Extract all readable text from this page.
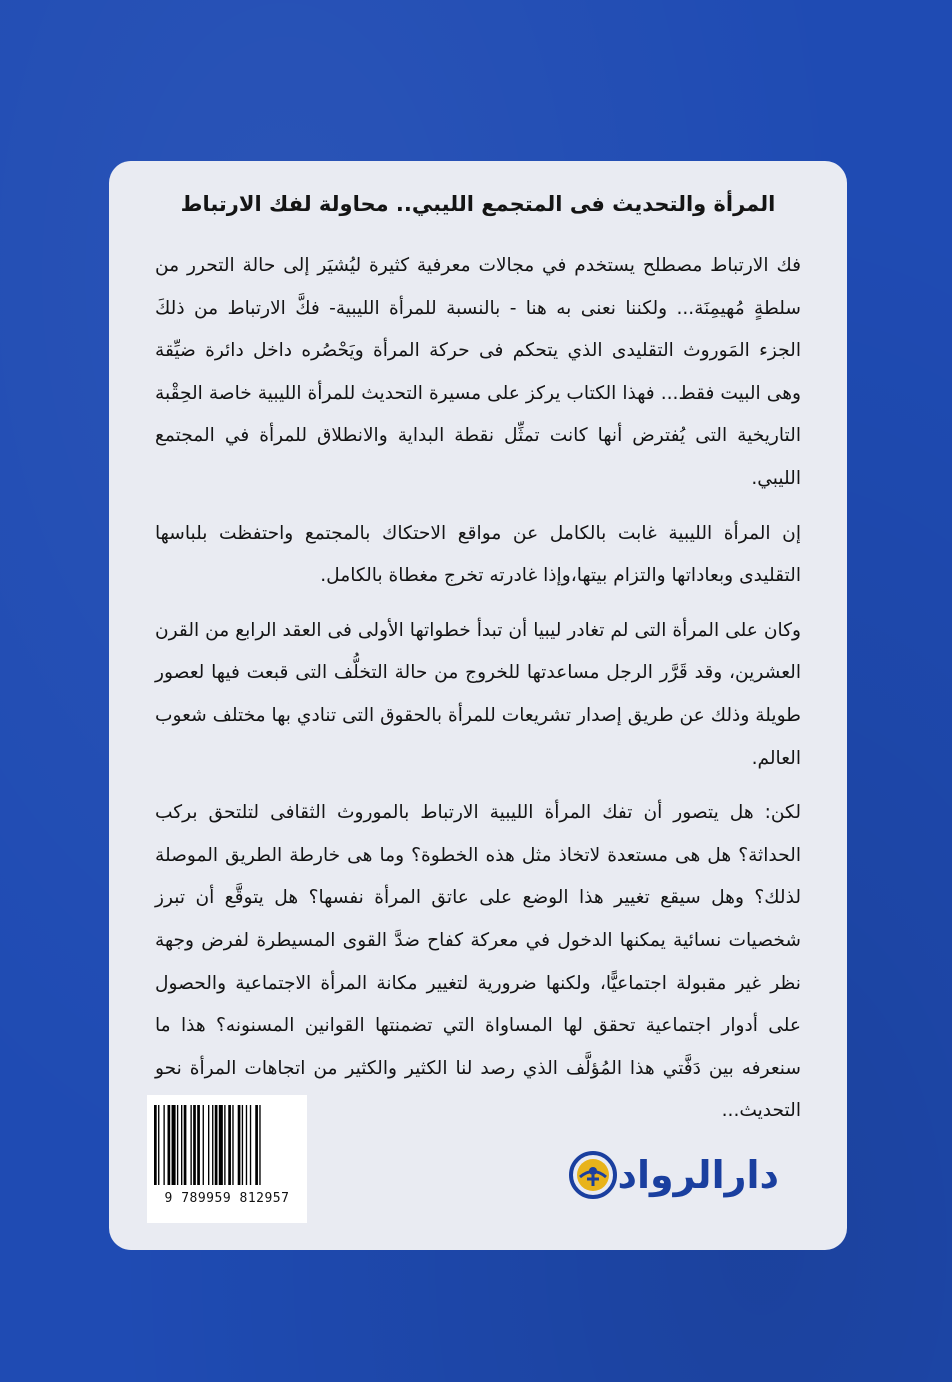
المرأة والتحديث فى المتجمع الليبي.. محاولة لفك الارتباط

فك الارتباط مصطلح يستخدم في مجالات معرفية كثيرة ليُشيَر إلى حالة التحرر من سلطةٍ مُهيمِنَة... ولكننا نعنى به هنا - بالنسبة للمرأة الليبية- فكَّ الارتباط من ذلكَ الجزء المَوروث التقليدى الذي يتحكم فى حركة المرأة ويَحْصُره داخل دائرة ضيِّقة وهى البيت فقط... فهذا الكتاب يركز على مسيرة التحديث للمرأة الليبية خاصة الحِقْبة التاريخية التى يُفترض أنها كانت تمثِّل نقطة البداية والانطلاق للمرأة في المجتمع الليبي.

إن المرأة الليبية غابت بالكامل عن مواقع الاحتكاك بالمجتمع واحتفظت بلباسها التقليدى وبعاداتها والتزام بيتها،وإذا غادرته تخرج مغطاة بالكامل.

وكان على المرأة التى لم تغادر ليبيا أن تبدأ خطواتها الأولى فى العقد الرابع من القرن العشرين، وقد قَرَّر الرجل مساعدتها للخروج من حالة التخلُّف التى قبعت فيها لعصور طويلة وذلك عن طريق إصدار تشريعات للمرأة بالحقوق التى تنادي بها مختلف شعوب العالم.

لكن: هل يتصور أن تفك المرأة الليبية الارتباط بالموروث الثقافى لتلتحق بركب الحداثة؟ هل هى مستعدة لاتخاذ مثل هذه الخطوة؟ وما هى خارطة الطريق الموصلة لذلك؟ وهل سيقع تغيير هذا الوضع على عاتق المرأة نفسها؟ هل يتوقَّع أن تبرز شخصيات نسائية يمكنها الدخول في معركة كفاح ضدَّ القوى المسيطرة لفرض وجهة نظر غير مقبولة اجتماعيًّا، ولكنها ضرورية لتغيير مكانة المرأة الاجتماعية والحصول على أدوار اجتماعية تحقق لها المساواة التي تضمنتها القوانين المسنونه؟ هذا ما سنعرفه بين دَفَّتي هذا المُؤلَّف الذي رصد لنا الكثير والكثير من اتجاهات المرأة نحو التحديث...

9 789959 812957
دارالرواد
